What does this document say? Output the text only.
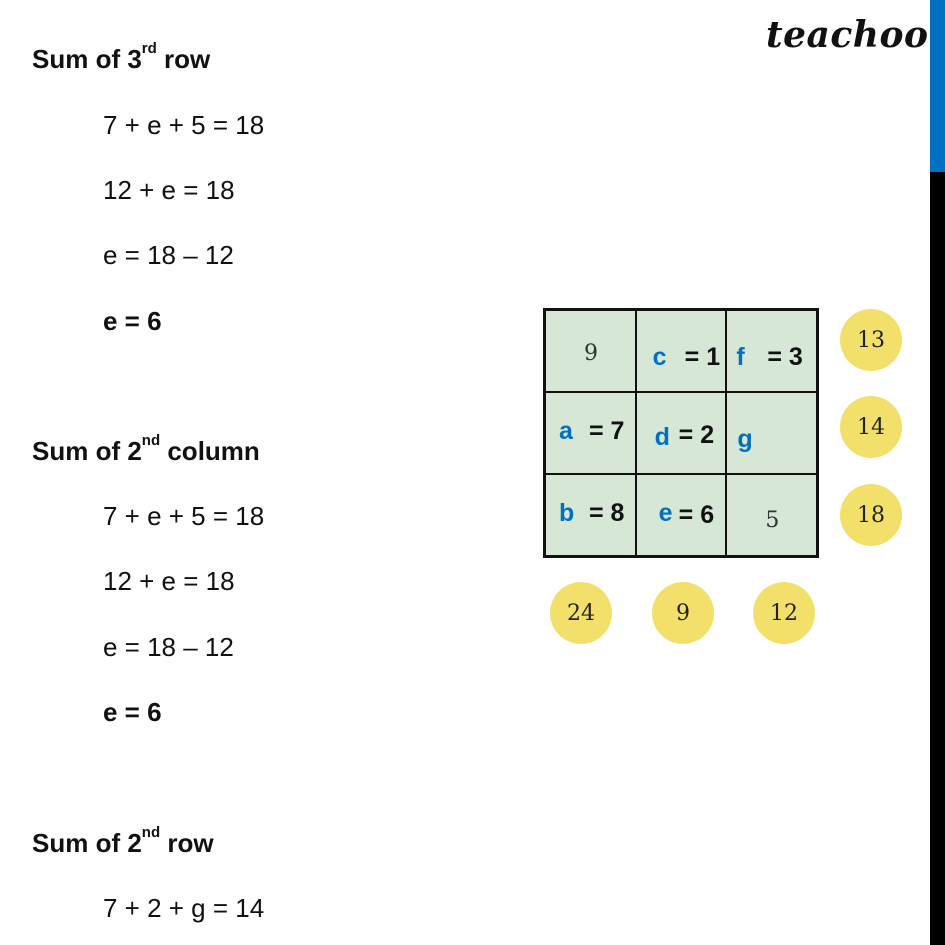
teachoo
Sum of 3rd row
7 + e + 5 = 18
12 + e = 18
e = 18 – 12
e = 6
Sum of 2nd column
7 + e + 5 = 18
12 + e = 18
e = 18 – 12
e = 6
Sum of 2nd row
7 + 2 + g = 14
9 c = 1 f = 3
a = 7 d = 2 g
b = 8 e = 6 5
13
14
18
24	9	12
